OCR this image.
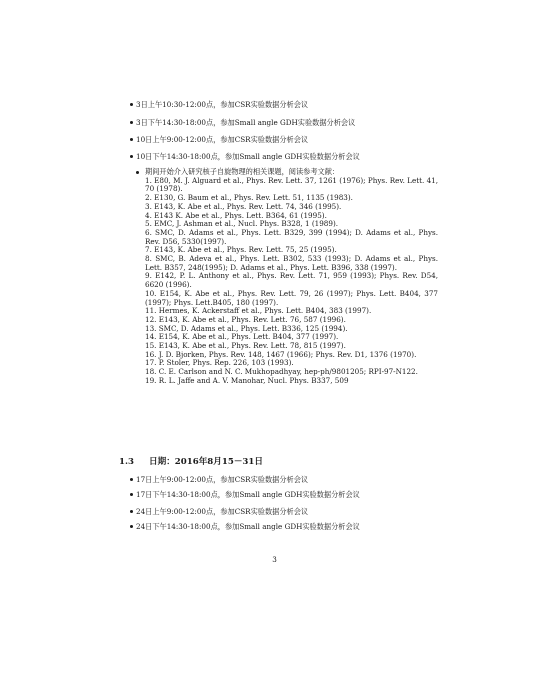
3日上午10:30-12:00点，参加CSR实验数据分析会议
3日下午14:30-18:00点，参加Small angle GDH实验数据分析会议
10日上午9:00-12:00点，参加CSR实验数据分析会议
10日下午14:30-18:00点，参加Small angle GDH实验数据分析会议

期间开始介入研究核子自旋物理的相关课题，阅读参考文献：

1. E80, M. J. Alguard et al., Phys. Rev. Lett. 37, 1261 (1976); Phys. Rev. Lett. 41, 70 (1978).

2. E130, G. Baum et al., Phys. Rev. Lett. 51, 1135 (1983).

3. E143, K. Abe et al., Phys. Rev. Lett. 74, 346 (1995).

4. E143 K. Abe et al., Phys. Lett. B364, 61 (1995).

5. EMC, J. Ashman et al., Nucl. Phys. B328, 1 (1989).

6. SMC, D. Adams et al., Phys. Lett. B329, 399 (1994); D. Adams et al., Phys. Rev. D56, 5330(1997).

7. E143, K. Abe et al., Phys. Rev. Lett. 75, 25 (1995).

8. SMC, B. Adeva et al., Phys. Lett. B302, 533 (1993); D. Adams et al., Phys. Lett. B357, 248(1995); D. Adams et al., Phys. Lett. B396, 338 (1997).

9. E142, P. L. Anthony et al., Phys. Rev. Lett. 71, 959 (1993); Phys. Rev. D54, 6620 (1996).

10. E154, K. Abe et al., Phys. Rev. Lett. 79, 26 (1997); Phys. Lett. B404, 377 (1997); Phys. Lett.B405, 180 (1997).

11. Hermes, K. Ackerstaff et al., Phys. Lett. B404, 383 (1997).

12. E143, K. Abe et al., Phys. Rev. Lett. 76, 587 (1996).

13. SMC, D. Adams et al., Phys. Lett. B336, 125 (1994).

14. E154, K. Abe et al., Phys. Lett. B404, 377 (1997).

15. E143, K. Abe et al., Phys. Rev. Lett. 78, 815 (1997).

16. J. D. Bjorken, Phys. Rev. 148, 1467 (1966); Phys. Rev. D1, 1376 (1970).

17. P. Stoler, Phys. Rep. 226, 103 (1993).

18. C. E. Carlson and N. C. Mukhopadhyay, hep-ph/9801205; RPI-97-N122.

19. R. L. Jaffe and A. V. Manohar, Nucl. Phys. B337, 509

1.3 日期：2016年8月15－31日
17日上午9:00-12:00点，参加CSR实验数据分析会议
17日下午14:30-18:00点，参加Small angle GDH实验数据分析会议
24日上午9:00-12:00点，参加CSR实验数据分析会议
24日下午14:30-18:00点，参加Small angle GDH实验数据分析会议
3
